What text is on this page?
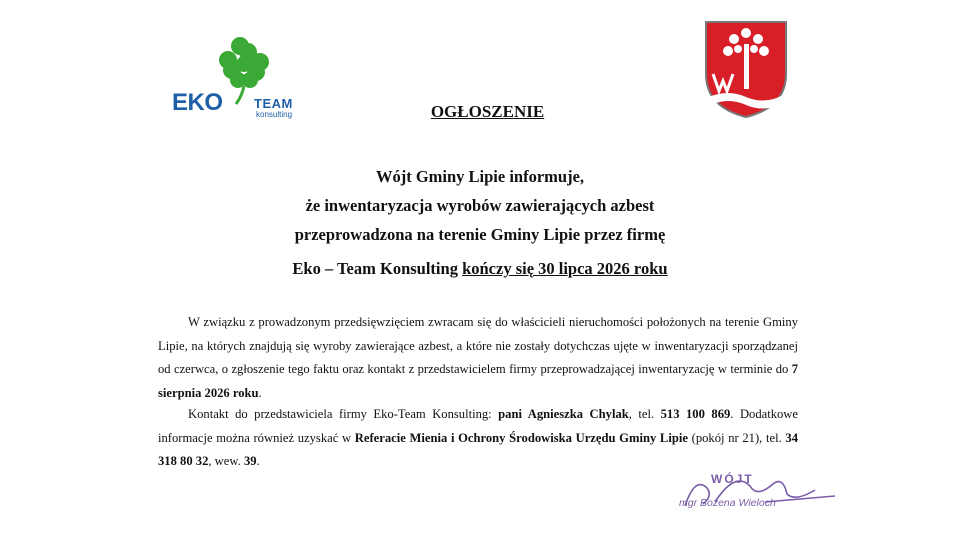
EKO TEAM
konsulting	OGŁOSZENIE
Wójt Gminy Lipie informuje,
że inwentaryzacja wyrobów zawierających azbest
przeprowadzona na terenie Gminy Lipie przez firmę
Eko – Team Konsulting kończy się 30 lipca 2026 roku
W związku z prowadzonym przedsięwzięciem zwracam się do właścicieli nieruchomości położonych na terenie Gminy Lipie, na których znajdują się wyroby zawierające azbest, a które nie zostały dotychczas ujęte w inwentaryzacji sporządzanej od czerwca, o zgłoszenie tego faktu oraz kontakt z przedstawicielem firmy przeprowadzającej inwentaryzację w terminie do 7 sierpnia 2026 roku.
Kontakt do przedstawiciela firmy Eko-Team Konsulting: pani Agnieszka Chylak, tel. 513 100 869. Dodatkowe informacje można również uzyskać w Referacie Mienia i Ochrony Środowiska Urzędu Gminy Lipie (pokój nr 21), tel. 34 318 80 32, wew. 39.
WÓJT
mgr Bożena Wieloch
